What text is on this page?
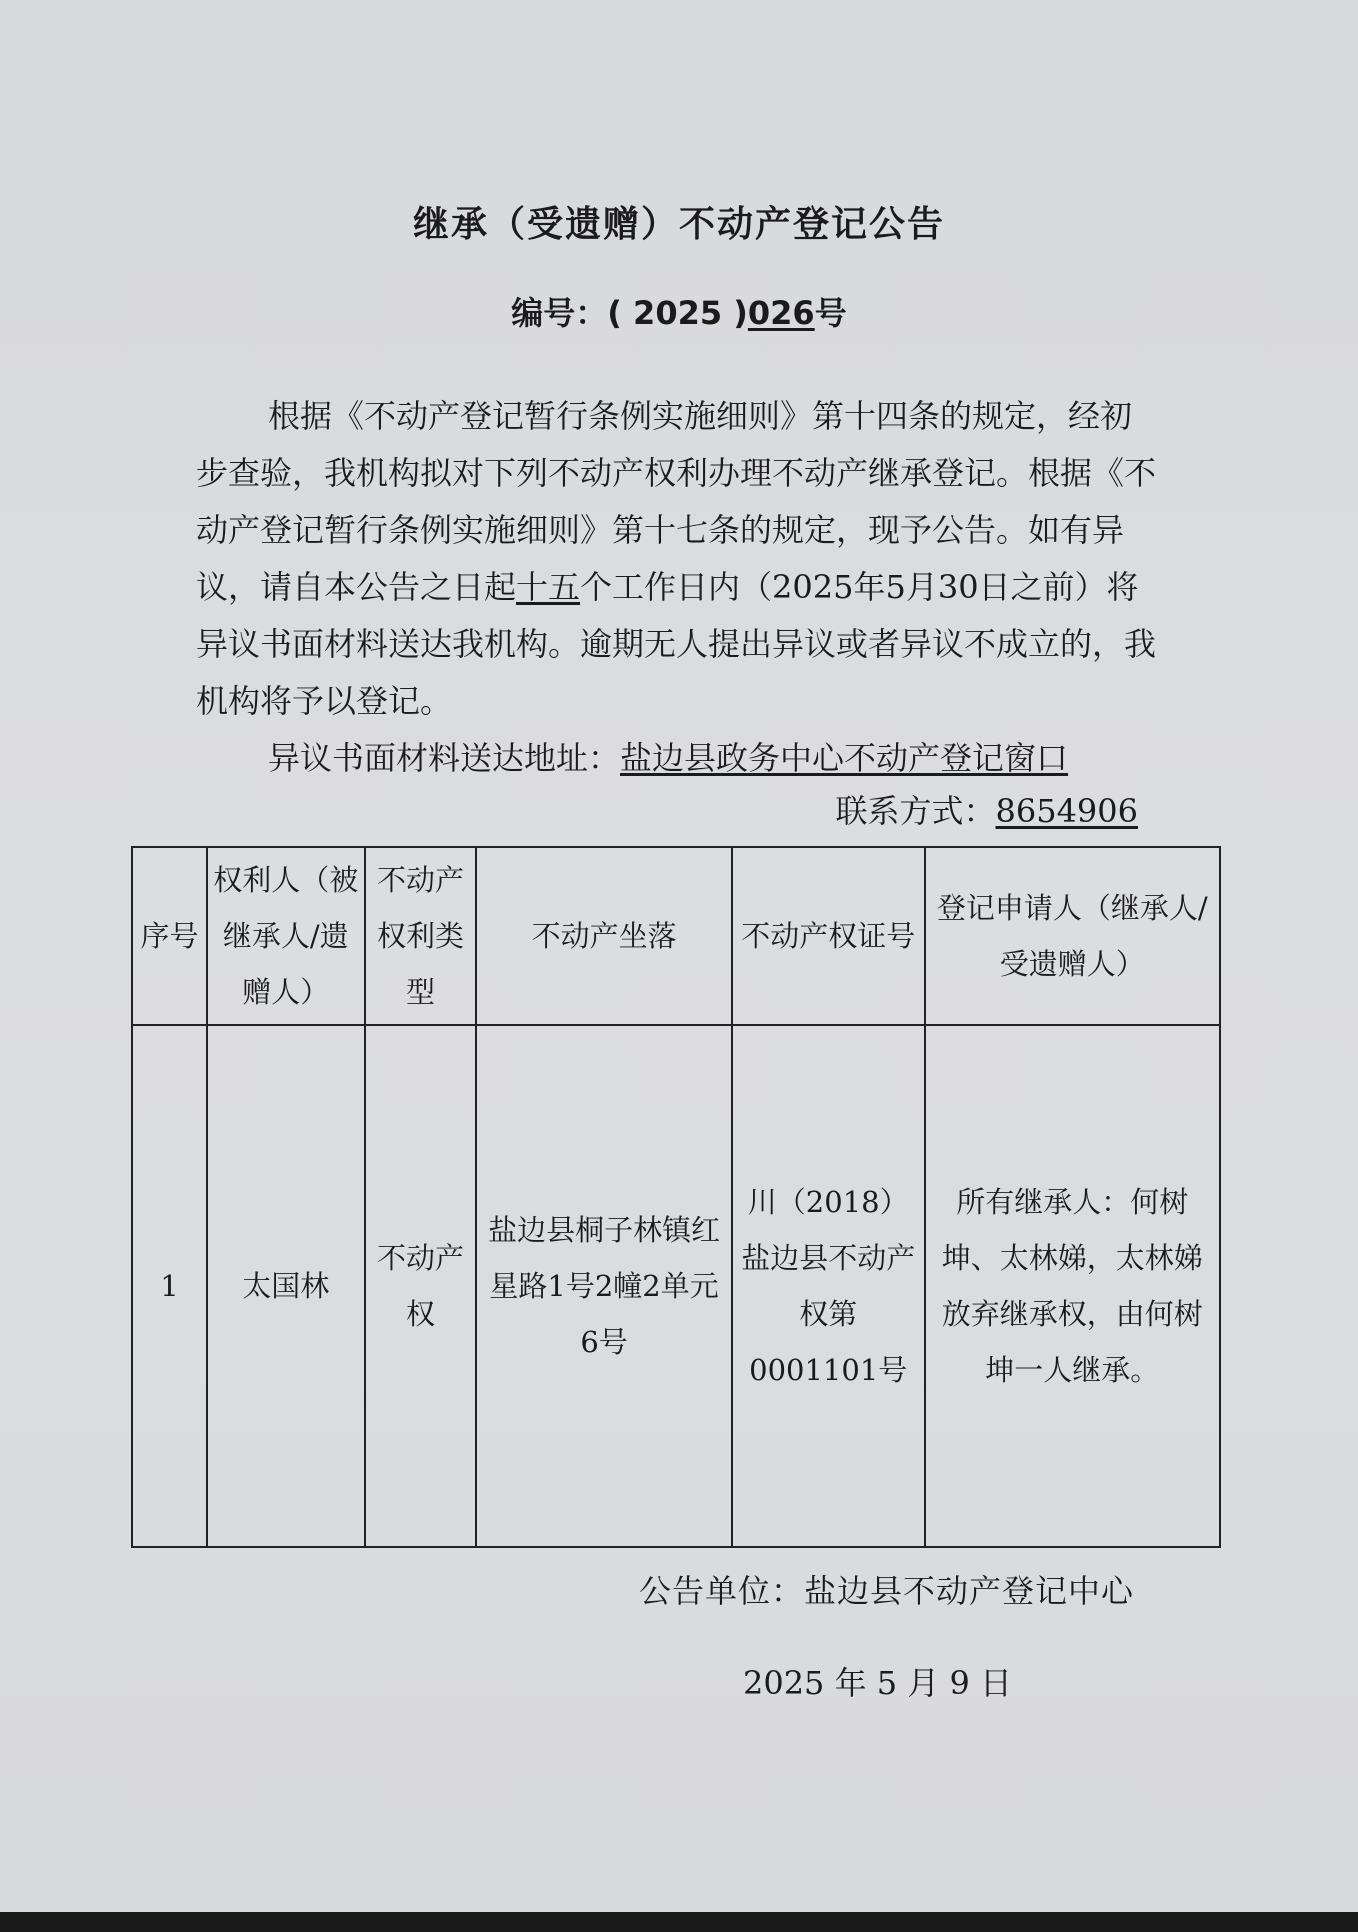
继承（受遗赠）不动产登记公告
编号：( 2025 )026号

根据《不动产登记暂行条例实施细则》第十四条的规定，经初步查验，我机构拟对下列不动产权利办理不动产继承登记。根据《不动产登记暂行条例实施细则》第十七条的规定，现予公告。如有异议，请自本公告之日起十五个工作日内（2025年5月30日之前）将异议书面材料送达我机构。逾期无人提出异议或者异议不成立的，我机构将予以登记。

异议书面材料送达地址：盐边县政务中心不动产登记窗口

联系方式：8654906
序号	权利人（被继承人/遗赠人）	不动产权利类型	不动产坐落	不动产权证号	登记申请人（继承人/受遗赠人）
1	太国林	不动产权	盐边县桐子林镇红星路1号2幢2单元6号	川（2018）盐边县不动产权第0001101号	所有继承人：何树坤、太林娣，太林娣放弃继承权，由何树坤一人继承。
公告单位：盐边县不动产登记中心
2025 年 5 月 9 日
